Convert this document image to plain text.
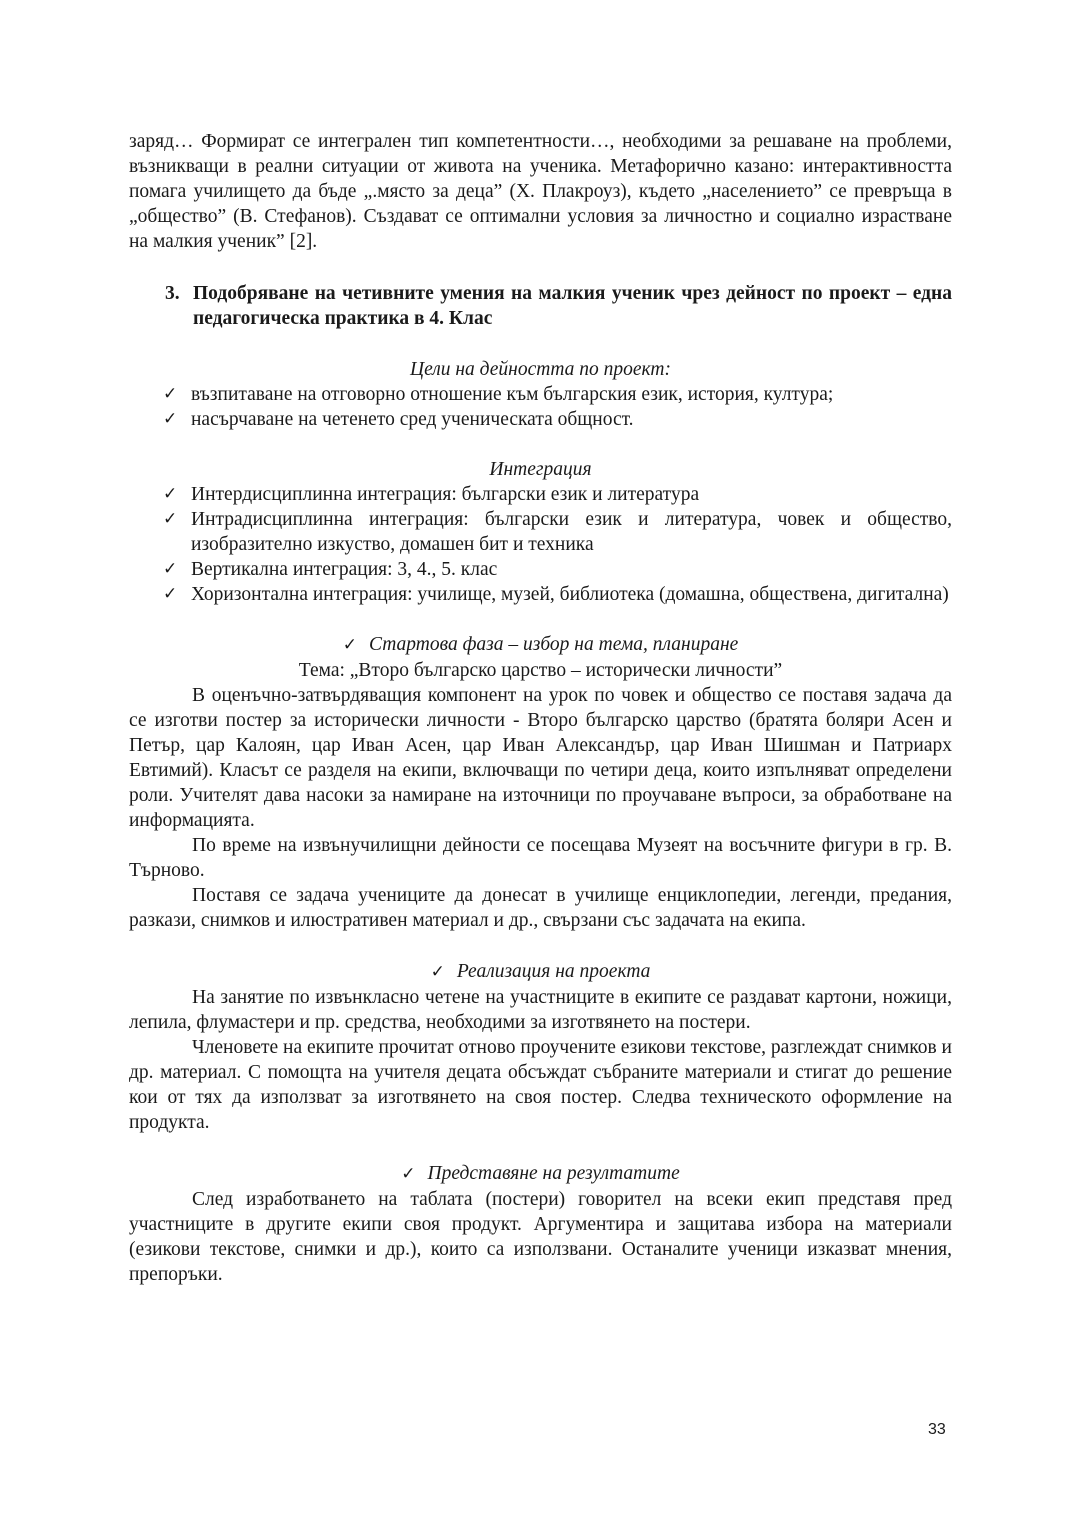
заряд… Формират се интегрален тип компетентности…, необходими за решаване на проблеми, възникващи в реални ситуации от живота на ученика. Метафорично казано: интерактивността помага училището да бъде „.място за деца” (Х. Плакроуз), където „населението” се превръща в „общество” (В. Стефанов). Създават се оптимални условия за личностно и социално израстване на малкия ученик” [2].

3. Подобряване на четивните умения на малкия ученик чрез дейност по проект – една педагогическа практика в 4. Клас

Цели на дейността по проект:

✓ възпитаване на отговорно отношение към българския език, история, култура;
✓ насърчаване на четенето сред ученическата общност.

Интеграция

✓ Интердисциплинна интеграция: български език и литература
✓ Интрадисциплинна интеграция: български език и литература, човек и общество, изобразително изкуство, домашен бит и техника
✓ Вертикална интеграция: 3, 4., 5. клас
✓ Хоризонтална интеграция: училище, музей, библиотека (домашна, обществена, дигитална)

✓ Стартова фаза – избор на тема, планиране

Тема: „Второ българско царство – исторически личности”

В оценъчно-затвърдяващия компонент на урок по човек и общество се поставя задача да се изготви постер за исторически личности - Второ българско царство (братята боляри Асен и Петър, цар Калоян, цар Иван Асен, цар Иван Александър, цар Иван Шишман и Патриарх Евтимий). Класът се разделя на екипи, включващи по четири деца, които изпълняват определени роли. Учителят дава насоки за намиране на източници по проучаване въпроси, за обработване на информацията.

По време на извънучилищни дейности се посещава Музеят на восъчните фигури в гр. В. Търново.

Поставя се задача учениците да донесат в училище енциклопедии, легенди, предания, разкази, снимков и илюстративен материал и др., свързани със задачата на екипа.

✓ Реализация на проекта

На занятие по извънкласно четене на участниците в екипите се раздават картони, ножици, лепила, флумастери и пр. средства, необходими за изготвянето на постери.

Членовете на екипите прочитат отново проучените езикови текстове, разглеждат снимков и др. материал. С помощта на учителя децата обсъждат събраните материали и стигат до решение кои от тях да използват за изготвянето на своя постер. Следва техническото оформление на продукта.

✓ Представяне на резултатите

След изработването на таблата (постери) говорител на всеки екип представя пред участниците в другите екипи своя продукт. Аргументира и защитава избора на материали (езикови текстове, снимки и др.), които са използвани. Останалите ученици изказват мнения, препоръки.

33
